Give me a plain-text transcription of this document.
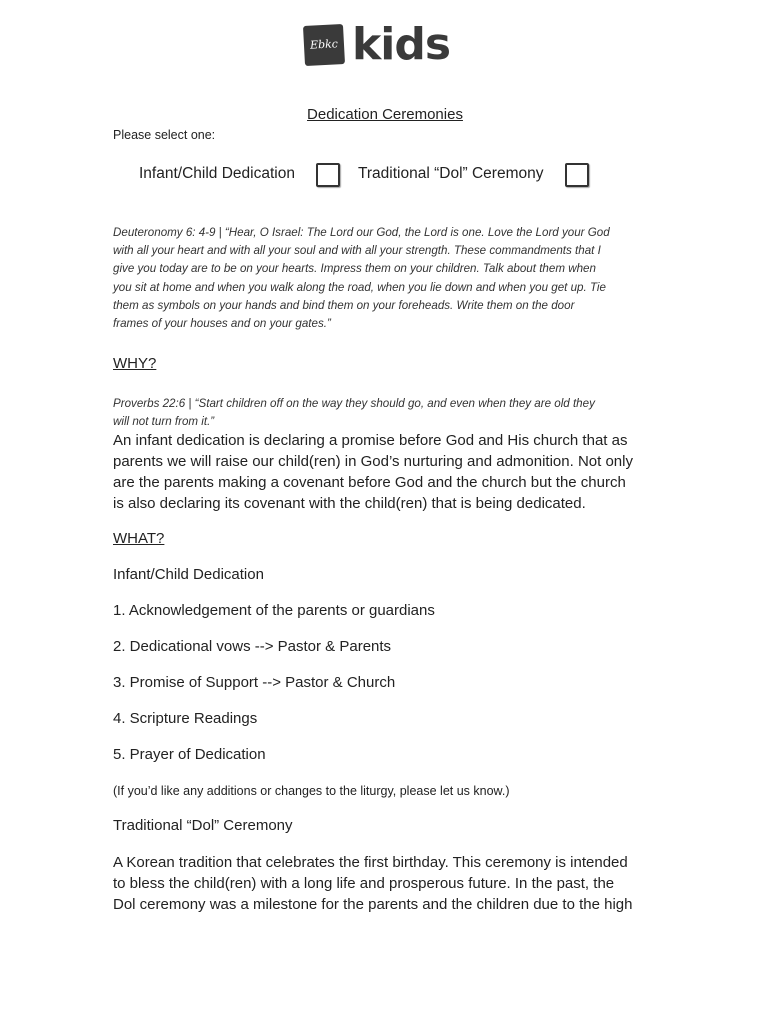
Ebkc kids
Dedication Ceremonies
Please select one:
Infant/Child Dedication	Traditional “Dol” Ceremony
Deuteronomy 6: 4-9 | “Hear, O Israel: The Lord our God, the Lord is one. Love the Lord your God
with all your heart and with all your soul and with all your strength. These commandments that I
give you today are to be on your hearts. Impress them on your children. Talk about them when
you sit at home and when you walk along the road, when you lie down and when you get up. Tie
them as symbols on your hands and bind them on your foreheads. Write them on the door
frames of your houses and on your gates.”
WHY?
Proverbs 22:6 | “Start children off on the way they should go, and even when they are old they
will not turn from it.”
An infant dedication is declaring a promise before God and His church that as
parents we will raise our child(ren) in God’s nurturing and admonition. Not only
are the parents making a covenant before God and the church but the church
is also declaring its covenant with the child(ren) that is being dedicated.
WHAT?
Infant/Child Dedication
1. Acknowledgement of the parents or guardians
2. Dedicational vows --> Pastor & Parents
3. Promise of Support --> Pastor & Church
4. Scripture Readings
5. Prayer of Dedication
(If you’d like any additions or changes to the liturgy, please let us know.)
Traditional “Dol” Ceremony
A Korean tradition that celebrates the first birthday. This ceremony is intended
to bless the child(ren) with a long life and prosperous future. In the past, the
Dol ceremony was a milestone for the parents and the children due to the high
